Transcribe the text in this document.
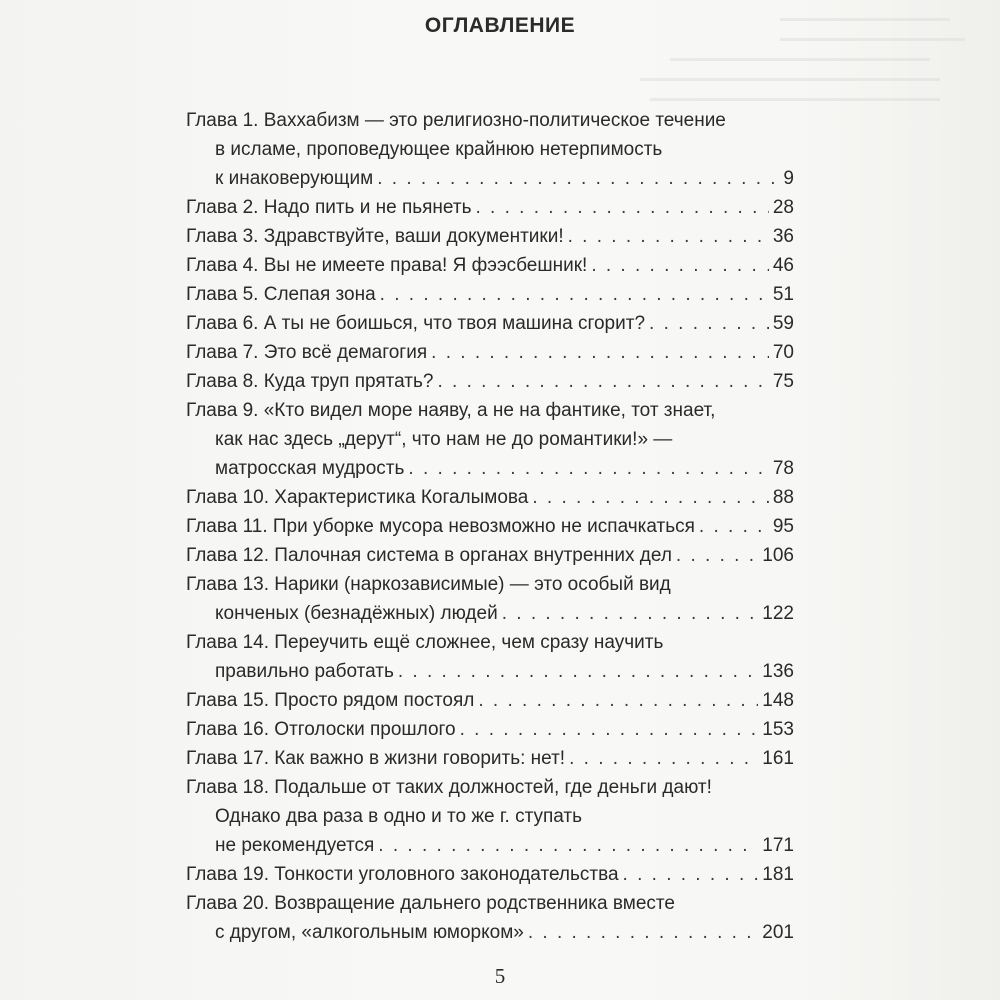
ОГЛАВЛЕНИЕ
Глава 1. Ваххабизм — это религиозно-политическое течение
в исламе, проповедующее крайнюю нетерпимость
к инаковерующим . . .	9
Глава 2. Надо пить и не пьянеть . . .	28
Глава 3. Здравствуйте, ваши документики! . . .	36
Глава 4. Вы не имеете права! Я фээсбешник! . . .	46
Глава 5. Слепая зона . . .	51
Глава 6. А ты не боишься, что твоя машина сгорит? . . .	59
Глава 7. Это всё демагогия . . .	70
Глава 8. Куда труп прятать? . . .	75
Глава 9. «Кто видел море наяву, а не на фантике, тот знает,
как нас здесь „дерут“, что нам не до романтики!» —
матросская мудрость . . .	78
Глава 10. Характеристика Когалымова . . .	88
Глава 11. При уборке мусора невозможно не испачкаться . . .	95
Глава 12. Палочная система в органах внутренних дел . . .	106
Глава 13. Нарики (наркозависимые) — это особый вид
конченых (безнадёжных) людей . . .	122
Глава 14. Переучить ещё сложнее, чем сразу научить
правильно работать . . .	136
Глава 15. Просто рядом постоял . . .	148
Глава 16. Отголоски прошлого . . .	153
Глава 17. Как важно в жизни говорить: нет! . . .	161
Глава 18. Подальше от таких должностей, где деньги дают!
Однако два раза в одно и то же г. ступать
не рекомендуется . . .	171
Глава 19. Тонкости уголовного законодательства . . .	181
Глава 20. Возвращение дальнего родственника вместе
с другом, «алкогольным юморком» . . .	201
5
